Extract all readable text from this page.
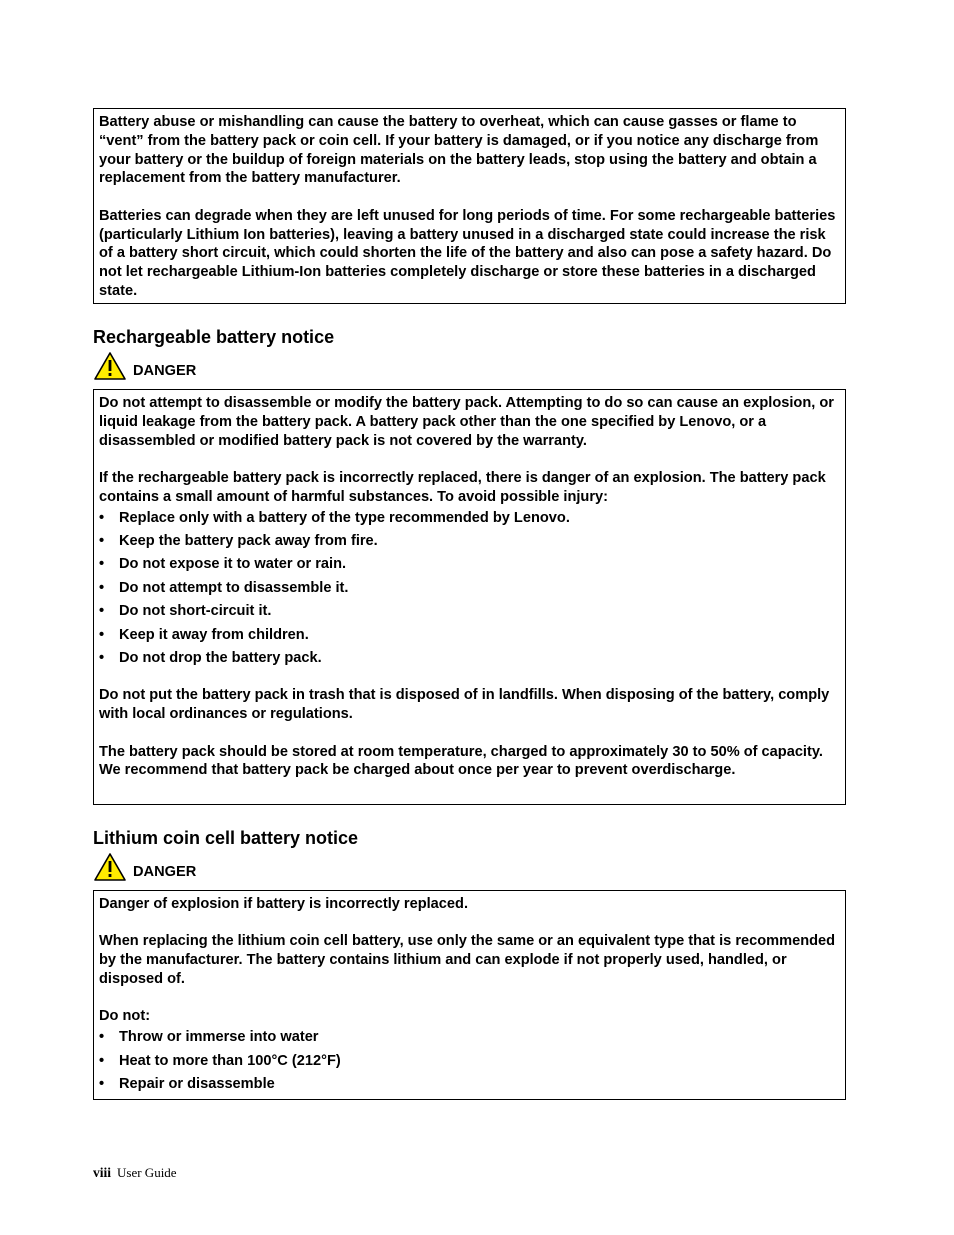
Battery abuse or mishandling can cause the battery to overheat, which can cause gasses or flame to “vent” from the battery pack or coin cell. If your battery is damaged, or if you notice any discharge from your battery or the buildup of foreign materials on the battery leads, stop using the battery and obtain a replacement from the battery manufacturer.

Batteries can degrade when they are left unused for long periods of time. For some rechargeable batteries (particularly Lithium Ion batteries), leaving a battery unused in a discharged state could increase the risk of a battery short circuit, which could shorten the life of the battery and also can pose a safety hazard. Do not let rechargeable Lithium-Ion batteries completely discharge or store these batteries in a discharged state.

Rechargeable battery notice
DANGER

Do not attempt to disassemble or modify the battery pack. Attempting to do so can cause an explosion, or liquid leakage from the battery pack. A battery pack other than the one specified by Lenovo, or a disassembled or modified battery pack is not covered by the warranty.

If the rechargeable battery pack is incorrectly replaced, there is danger of an explosion. The battery pack contains a small amount of harmful substances. To avoid possible injury:

• Replace only with a battery of the type recommended by Lenovo.
• Keep the battery pack away from fire.
• Do not expose it to water or rain.
• Do not attempt to disassemble it.
• Do not short-circuit it.
• Keep it away from children.
• Do not drop the battery pack.

Do not put the battery pack in trash that is disposed of in landfills. When disposing of the battery, comply with local ordinances or regulations.

The battery pack should be stored at room temperature, charged to approximately 30 to 50% of capacity. We recommend that battery pack be charged about once per year to prevent overdischarge.

Lithium coin cell battery notice
DANGER

Danger of explosion if battery is incorrectly replaced.

When replacing the lithium coin cell battery, use only the same or an equivalent type that is recommended by the manufacturer. The battery contains lithium and can explode if not properly used, handled, or disposed of.

Do not:

• Throw or immerse into water
• Heat to more than 100°C (212°F)
• Repair or disassemble
viii User Guide
